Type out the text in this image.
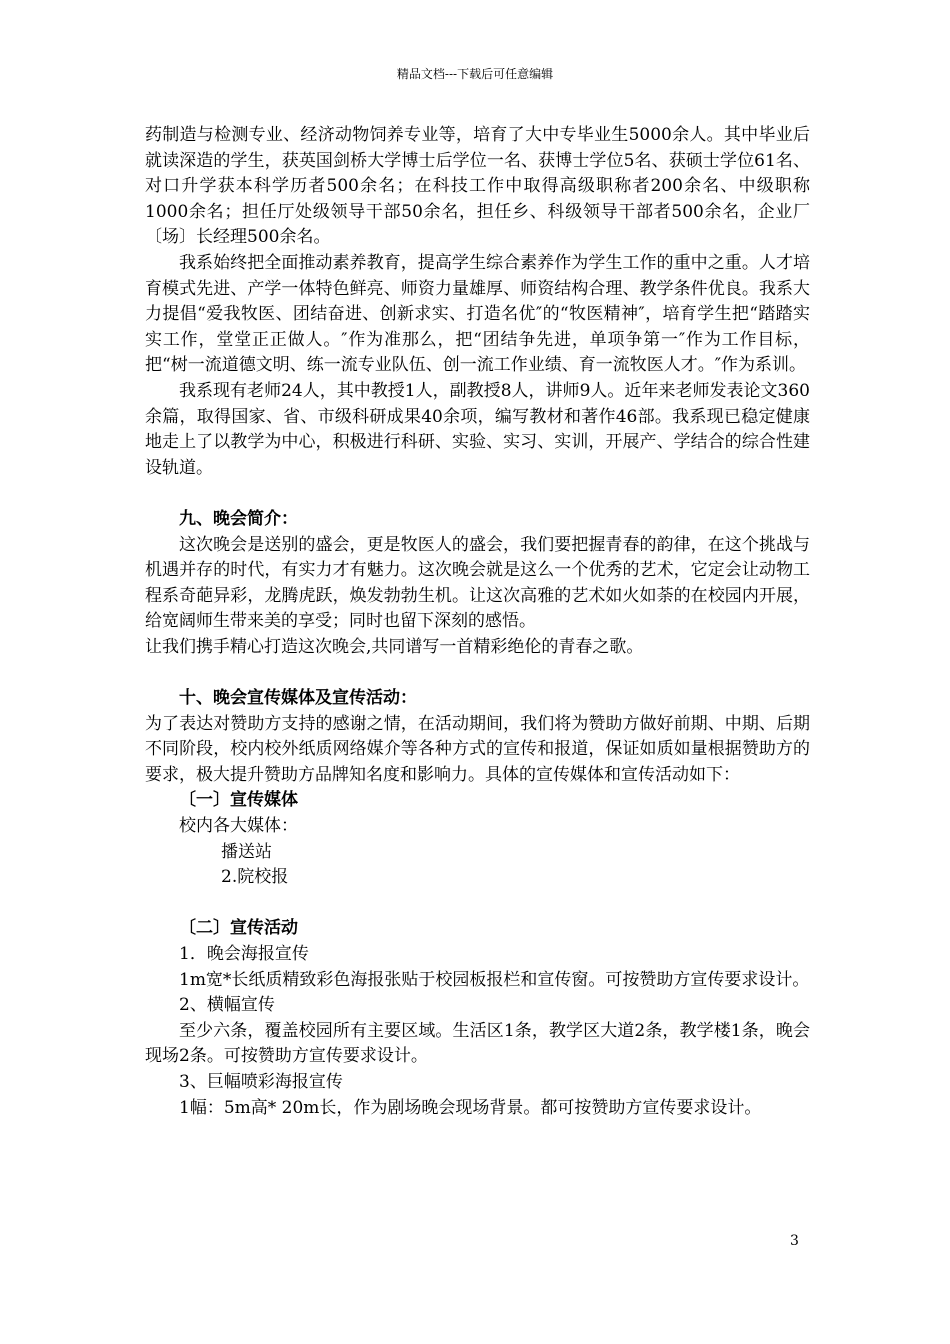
精品文档---下载后可任意编辑

药制造与检测专业、经济动物饲养专业等，培育了大中专毕业生5000余人。其中毕业后就读深造的学生，获英国剑桥大学博士后学位一名、获博士学位5名、获硕士学位61名、对口升学获本科学历者500余名；在科技工作中取得高级职称者200余名、中级职称1000余名；担任厅处级领导干部50余名，担任乡、科级领导干部者500余名，企业厂〔场〕长经理500余名。

我系始终把全面推动素养教育，提高学生综合素养作为学生工作的重中之重。人才培育模式先进、产学一体特色鲜亮、师资力量雄厚、师资结构合理、教学条件优良。我系大力提倡“爱我牧医、团结奋进、创新求实、打造名优″的“牧医精神″，培育学生把“踏踏实实工作，堂堂正正做人。″作为准那么，把“团结争先进，单项争第一″作为工作目标，把“树一流道德文明、练一流专业队伍、创一流工作业绩、育一流牧医人才。″作为系训。

我系现有老师24人，其中教授1人，副教授8人，讲师9人。近年来老师发表论文360余篇，取得国家、省、市级科研成果40余项，编写教材和著作46部。我系现已稳定健康地走上了以教学为中心，积极进行科研、实验、实习、实训，开展产、学结合的综合性建设轨道。

九、晚会简介：

这次晚会是送别的盛会，更是牧医人的盛会，我们要把握青春的韵律，在这个挑战与机遇并存的时代，有实力才有魅力。这次晚会就是这么一个优秀的艺术，它定会让动物工程系奇葩异彩，龙腾虎跃，焕发勃勃生机。让这次高雅的艺术如火如荼的在校园内开展，给宽阔师生带来美的享受；同时也留下深刻的感悟。

让我们携手精心打造这次晚会,共同谱写一首精彩绝伦的青春之歌。

十、晚会宣传媒体及宣传活动：

为了表达对赞助方支持的感谢之情，在活动期间，我们将为赞助方做好前期、中期、后期不同阶段，校内校外纸质网络媒介等各种方式的宣传和报道，保证如质如量根据赞助方的要求，极大提升赞助方品牌知名度和影响力。具体的宣传媒体和宣传活动如下：

〔一〕宣传媒体

校内各大媒体：

播送站

2.院校报

〔二〕宣传活动

1．晚会海报宣传

1m宽*长纸质精致彩色海报张贴于校园板报栏和宣传窗。可按赞助方宣传要求设计。

2、横幅宣传

至少六条，覆盖校园所有主要区域。生活区1条，教学区大道2条，教学楼1条，晚会现场2条。可按赞助方宣传要求设计。

3、巨幅喷彩海报宣传

1幅：5m高* 20m长，作为剧场晚会现场背景。都可按赞助方宣传要求设计。

3
